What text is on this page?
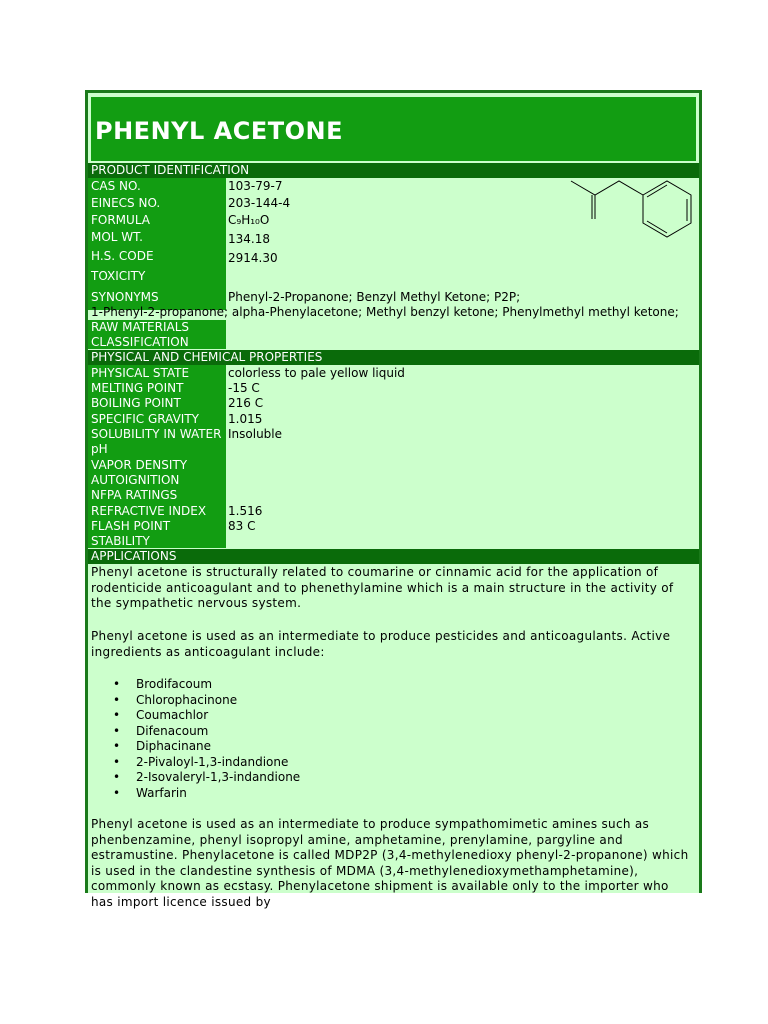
PHENYL ACETONE
PRODUCT IDENTIFICATION
CAS NO.	103-79-7
EINECS NO.	203-144-4
FORMULA	C₉H₁₀O
MOL WT.	134.18
H.S. CODE	2914.30
TOXICITY
SYNONYMS	Phenyl-2-Propanone; Benzyl Methyl Ketone; P2P;
1-Phenyl-2-propanone; alpha-Phenylacetone; Methyl benzyl ketone; Phenylmethyl methyl ketone;
RAW MATERIALS
CLASSIFICATION
PHYSICAL AND CHEMICAL PROPERTIES
PHYSICAL STATE	colorless to pale yellow liquid
MELTING POINT	-15 C
BOILING POINT	216 C
SPECIFIC GRAVITY 1.015
SOLUBILITY IN WATER Insoluble
pH
VAPOR DENSITY
AUTOIGNITION
NFPA RATINGS
REFRACTIVE INDEX 1.516
FLASH POINT	83 C
STABILITY
APPLICATIONS
Phenyl acetone is structurally related to coumarine or cinnamic acid for the application of rodenticide anticoagulant and to phenethylamine which is a main structure in the activity of the sympathetic nervous system.
Phenyl acetone is used as an intermediate to produce pesticides and anticoagulants. Active ingredients as anticoagulant include:
• Brodifacoum
• Chlorophacinone
• Coumachlor
• Difenacoum
• Diphacinane
• 2-Pivaloyl-1,3-indandione
• 2-Isovaleryl-1,3-indandione
• Warfarin
Phenyl acetone is used as an intermediate to produce sympathomimetic amines such as phenbenzamine, phenyl isopropyl amine, amphetamine, prenylamine, pargyline and estramustine. Phenylacetone is called MDP2P (3,4-methylenedioxy phenyl-2-propanone) which is used in the clandestine synthesis of MDMA (3,4-methylenedioxymethamphetamine), commonly known as ecstasy. Phenylacetone shipment is available only to the importer who has import licence issued by
